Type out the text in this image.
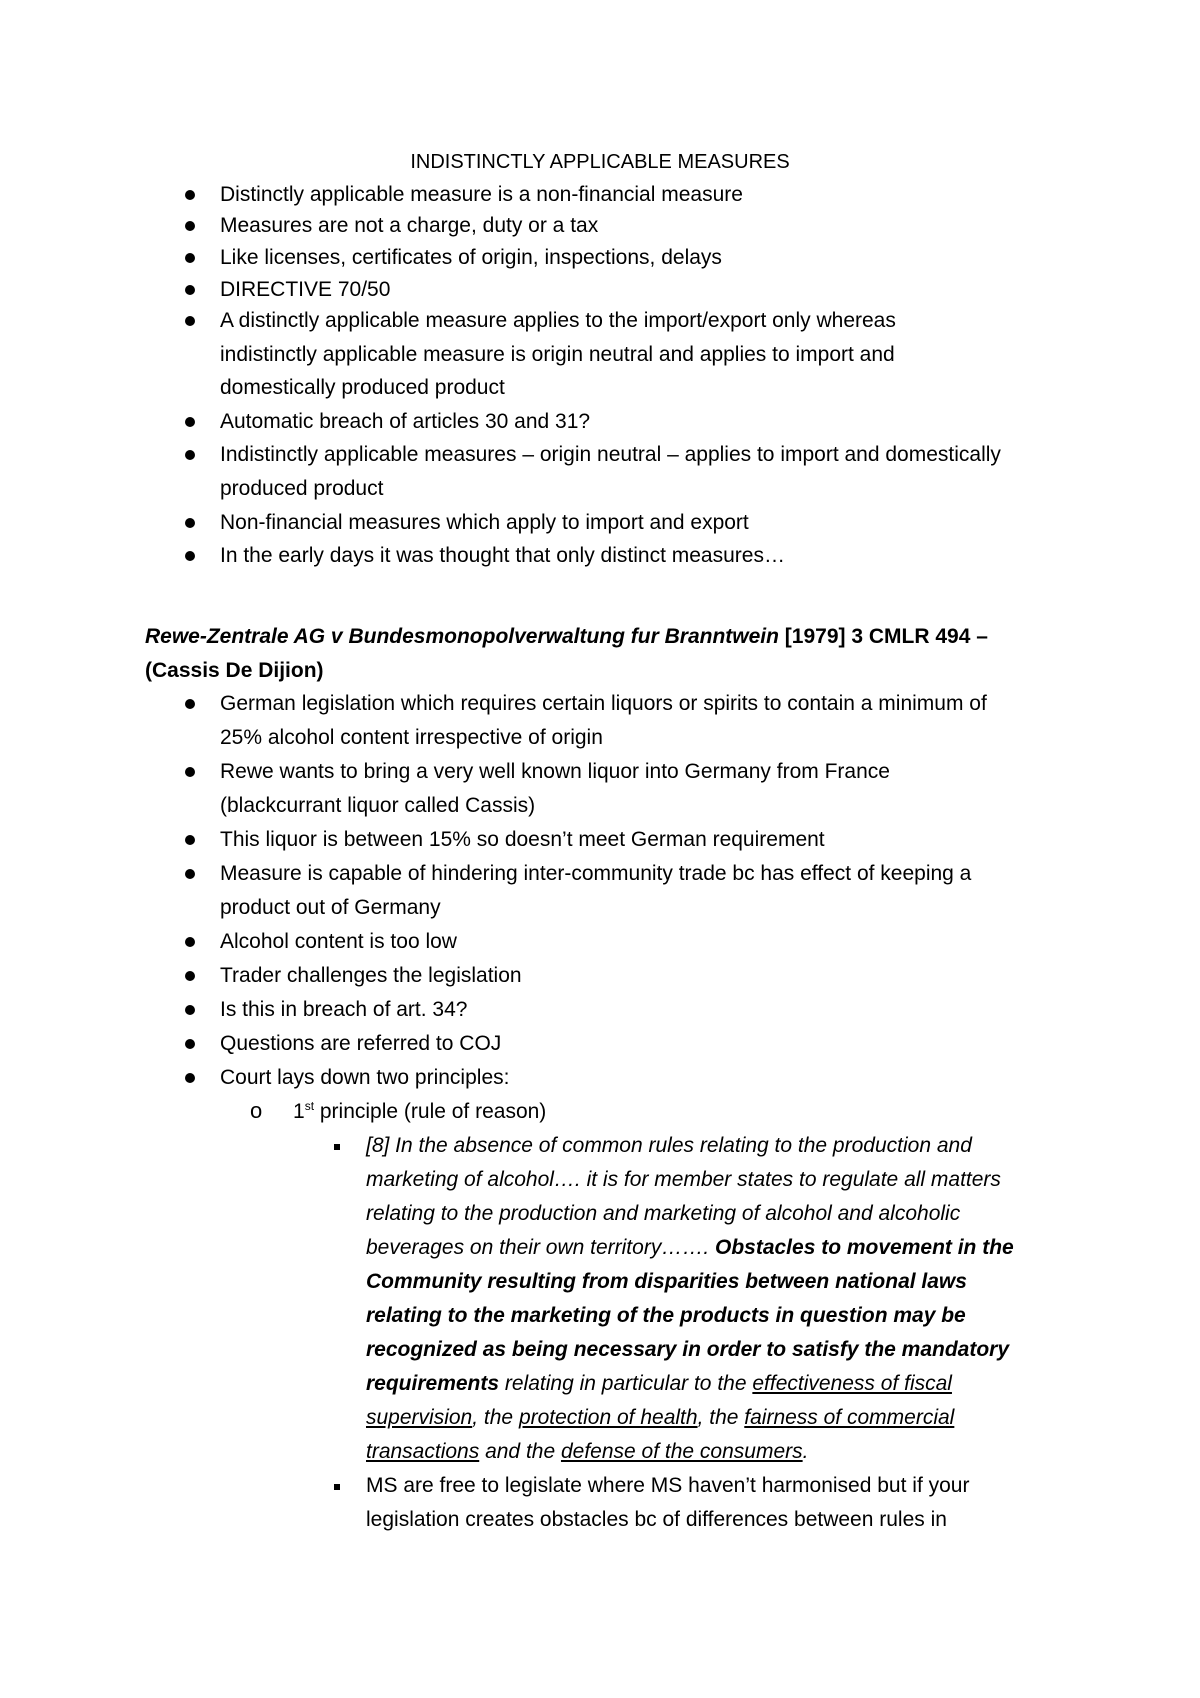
INDISTINCTLY APPLICABLE MEASURES
Distinctly applicable measure is a non-financial measure
Measures are not a charge, duty or a tax
Like licenses, certificates of origin, inspections, delays
DIRECTIVE 70/50
A distinctly applicable measure applies to the import/export only whereas
indistinctly applicable measure is origin neutral and applies to import and
domestically produced product
Automatic breach of articles 30 and 31?
Indistinctly applicable measures – origin neutral – applies to import and domestically
produced product
Non-financial measures which apply to import and export
In the early days it was thought that only distinct measures…
Rewe-Zentrale AG v Bundesmonopolverwaltung fur Branntwein [1979] 3 CMLR 494 –
(Cassis De Dijion)
German legislation which requires certain liquors or spirits to contain a minimum of
25% alcohol content irrespective of origin
Rewe wants to bring a very well known liquor into Germany from France
(blackcurrant liquor called Cassis)
This liquor is between 15% so doesn’t meet German requirement
Measure is capable of hindering inter-community trade bc has effect of keeping a
product out of Germany
Alcohol content is too low
Trader challenges the legislation
Is this in breach of art. 34?
Questions are referred to COJ
Court lays down two principles:
o 1st principle (rule of reason)
[8] In the absence of common rules relating to the production and
marketing of alcohol…. it is for member states to regulate all matters
relating to the production and marketing of alcohol and alcoholic
beverages on their own territory……. Obstacles to movement in the
Community resulting from disparities between national laws
relating to the marketing of the products in question may be
recognized as being necessary in order to satisfy the mandatory
requirements relating in particular to the effectiveness of fiscal
supervision, the protection of health, the fairness of commercial
transactions and the defense of the consumers.
MS are free to legislate where MS haven’t harmonised but if your
legislation creates obstacles bc of differences between rules in
